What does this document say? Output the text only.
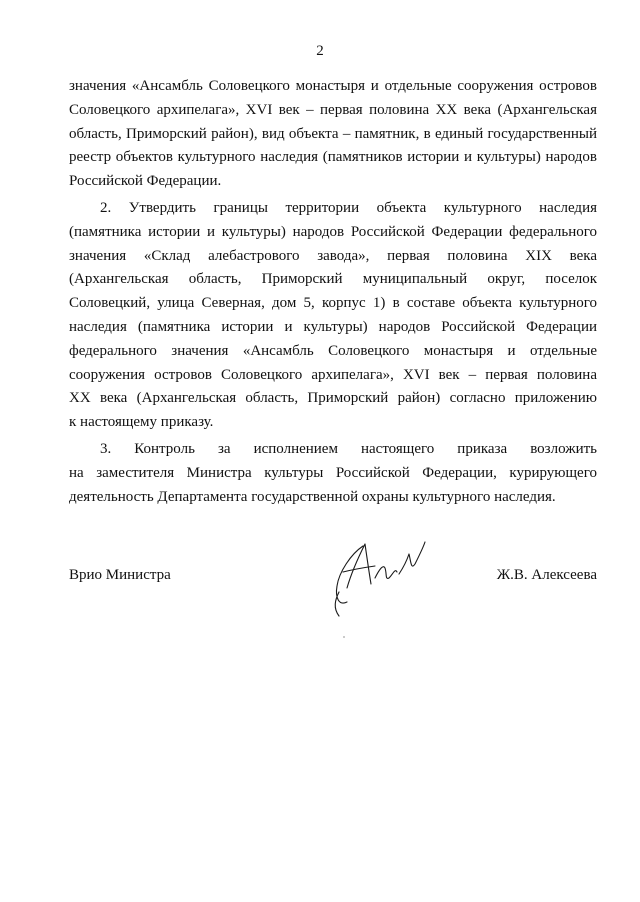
2
значения «Ансамбль Соловецкого монастыря и отдельные сооружения островов
Соловецкого архипелага», XVI век – первая половина XX века (Архангельская
область, Приморский район), вид объекта – памятник, в единый государственный
реестр объектов культурного наследия (памятников истории и культуры) народов
Российской Федерации.
2. Утвердить границы территории объекта культурного наследия
(памятника истории и культуры) народов Российской Федерации федерального
значения «Склад алебастрового завода», первая половина XIX века
(Архангельская область, Приморский муниципальный округ, поселок
Соловецкий, улица Северная, дом 5, корпус 1) в составе объекта культурного
наследия (памятника истории и культуры) народов Российской Федерации
федерального значения «Ансамбль Соловецкого монастыря и отдельные
сооружения островов Соловецкого архипелага», XVI век – первая половина
XX века (Архангельская область, Приморский район) согласно приложению
к настоящему приказу.
3. Контроль за исполнением настоящего приказа возложить
на заместителя Министра культуры Российской Федерации, курирующего
деятельность Департамента государственной охраны культурного наследия.
Врио Министра	Ж.В. Алексеева
